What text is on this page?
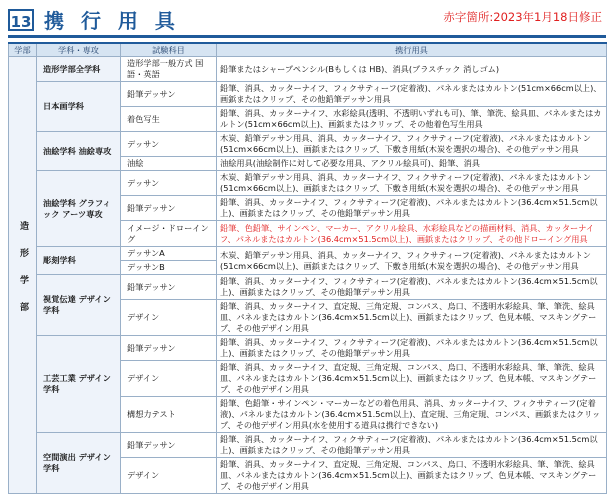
13 携 行 用 具	赤字箇所:2023年1月18日修正
学部	学科・専攻	試験科目	携行用具

造形学部	造形学部全学科	造形学部一般方式 国語・英語	鉛筆またはシャープペンシル(Bもしくは HB)、消具(プラスチック 消しゴム)
	日本画学科	鉛筆デッサン	鉛筆、消具、カッターナイフ、フィクサティーフ(定着液)、パネルまたはカルトン(51cm×66cm以上)、画鋲またはクリップ、その他鉛筆デッサン用具
		着色写生	鉛筆、消具、カッターナイフ、水彩絵具(透明、不透明いずれも可)、筆、筆洗、絵具皿、パネルまたはカルトン(51cm×66cm以上)、画鋲またはクリップ、その他着色写生用具
	油絵学科 油絵専攻	デッサン	木炭、鉛筆デッサン用具、消具、カッターナイフ、フィクサティーフ(定着液)、パネルまたはカルトン(51cm×66cm以上)、画鋲またはクリップ、下敷き用紙(木炭を選択の場合)、その他デッサン用具
		油絵	油絵用具(油絵制作に対して必要な用具、アクリル絵具可)、鉛筆、消具
	油絵学科 グラフィック アーツ専攻	デッサン	木炭、鉛筆デッサン用具、消具、カッターナイフ、フィクサティーフ(定着液)、パネルまたはカルトン(51cm×66cm以上)、画鋲またはクリップ、下敷き用紙(木炭を選択の場合)、その他デッサン用具
		鉛筆デッサン	鉛筆、消具、カッターナイフ、フィクサティーフ(定着液)、パネルまたはカルトン(36.4cm×51.5cm以上)、画鋲またはクリップ、その他鉛筆デッサン用具
		イメージ・ドローイング	鉛筆、色鉛筆、サインペン、マーカー、アクリル絵具、水彩絵具などの描画材料、消具、カッターナイフ、パネルまたはカルトン(36.4cm×51.5cm以上)、画鋲またはクリップ、その他ドローイング用具
	彫刻学科	デッサンA	木炭、鉛筆デッサン用具、消具、カッターナイフ、フィクサティーフ(定着液)、パネルまたはカルトン(51cm×66cm以上)、画鋲またはクリップ、下敷き用紙(木炭を選択の場合)、その他デッサン用具
		デッサンB	
	視覚伝達 デザイン学科	鉛筆デッサン	鉛筆、消具、カッターナイフ、フィクサティーフ(定着液)、パネルまたはカルトン(36.4cm×51.5cm以上)、画鋲またはクリップ、その他鉛筆デッサン用具
		デザイン	鉛筆、消具、カッターナイフ、直定規、三角定規、コンパス、烏口、不透明水彩絵具、筆、筆洗、絵具皿、パネルまたはカルトン(36.4cm×51.5cm以上)、画鋲またはクリップ、色見本帳、マスキングテープ、その他デザイン用具
	工芸工業 デザイン学科	鉛筆デッサン	鉛筆、消具、カッターナイフ、フィクサティーフ(定着液)、パネルまたはカルトン(36.4cm×51.5cm以上)、画鋲またはクリップ、その他鉛筆デッサン用具
		デザイン	鉛筆、消具、カッターナイフ、直定規、三角定規、コンパス、烏口、不透明水彩絵具、筆、筆洗、絵具皿、パネルまたはカルトン(36.4cm×51.5cm以上)、画鋲またはクリップ、色見本帳、マスキングテープ、その他デザイン用具
		構想力テスト	鉛筆、色鉛筆・サインペン・マーカーなどの着色用具、消具、カッターナイフ、フィクサティーフ(定着液)、パネルまたはカルトン(36.4cm×51.5cm以上)、直定規、三角定規、コンパス、画鋲またはクリップ、その他デザイン用具(水を使用する道具は携行できない)
	空間演出 デザイン学科	鉛筆デッサン	鉛筆、消具、カッターナイフ、フィクサティーフ(定着液)、パネルまたはカルトン(36.4cm×51.5cm以上)、画鋲またはクリップ、その他鉛筆デッサン用具
		デザイン	鉛筆、消具、カッターナイフ、直定規、三角定規、コンパス、烏口、不透明水彩絵具、筆、筆洗、絵具皿、パネルまたはカルトン(36.4cm×51.5cm以上)、画鋲またはクリップ、色見本帳、マスキングテープ、その他デザイン用具
